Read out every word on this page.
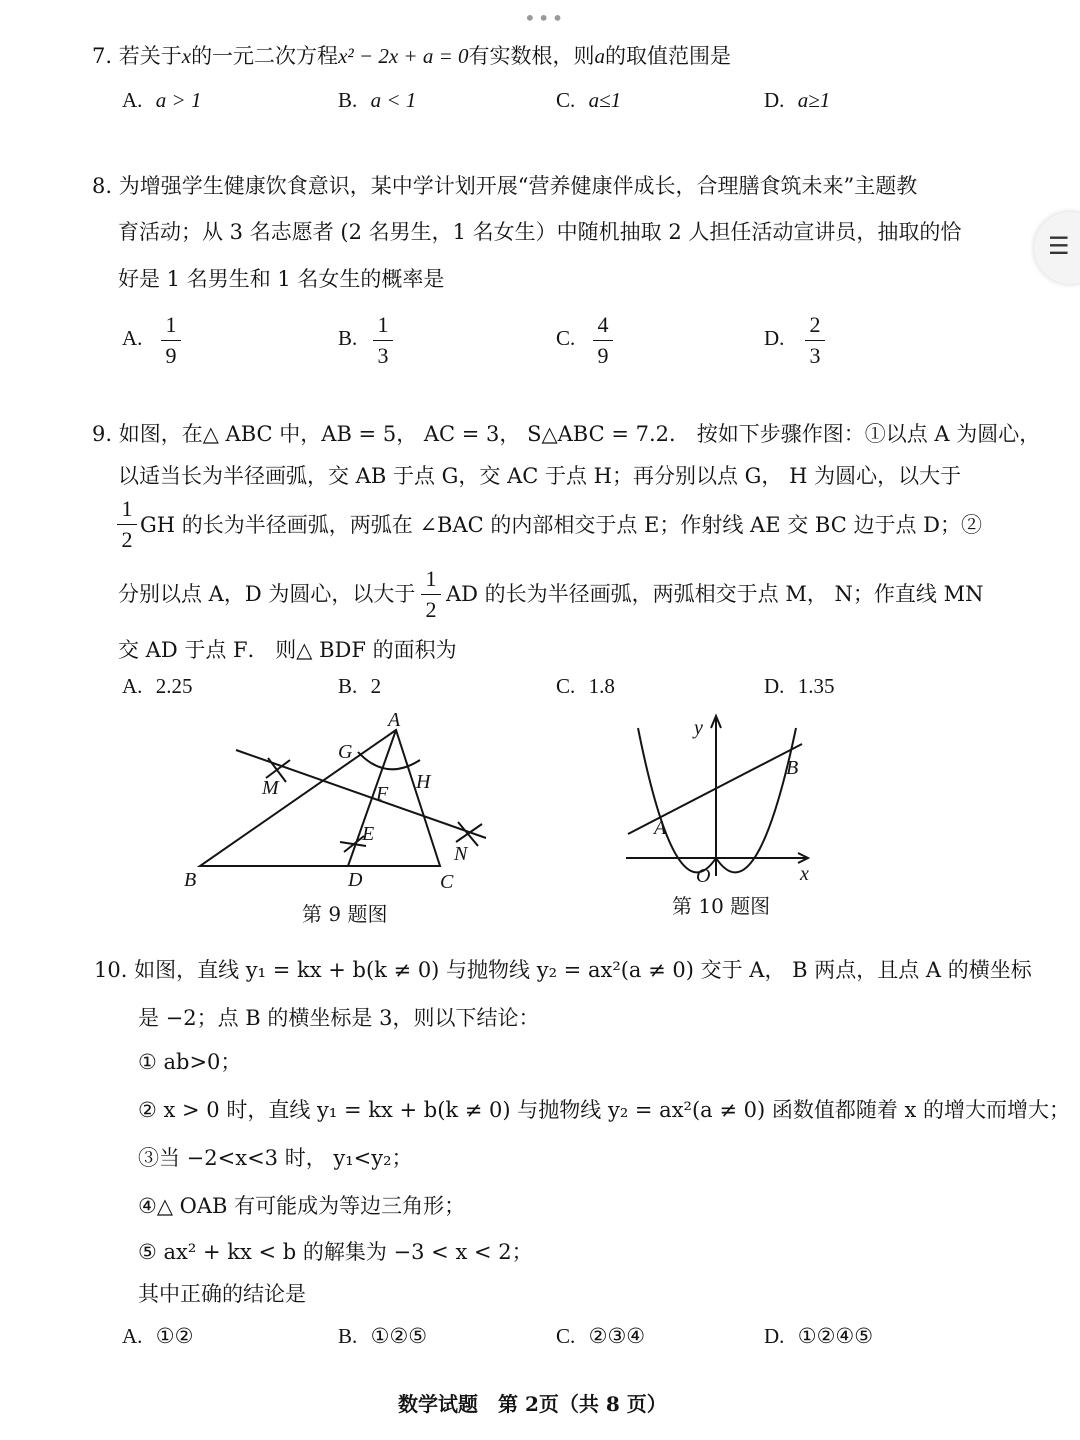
•••
☰
7. 若关于x的一元二次方程x² − 2x + a = 0有实数根，则a的取值范围是
A. a > 1	B. a < 1	C. a≤1	D. a≥1
8. 为增强学生健康饮食意识，某中学计划开展“营养健康伴成长，合理膳食筑未来”主题教
育活动；从 3 名志愿者 (2 名男生，1 名女生）中随机抽取 2 人担任活动宣讲员，抽取的恰
好是 1 名男生和 1 名女生的概率是
A.
1
9
B.
1
3
C.
4
9
D.
2
3
9. 如图，在△ ABC 中，AB = 5， AC = 3， S△ABC = 7.2． 按如下步骤作图：①以点 A 为圆心，
以适当长为半径画弧，交 AB 于点 G，交 AC 于点 H；再分别以点 G， H 为圆心，以大于
1
2
GH 的长为半径画弧，两弧在 ∠BAC 的内部相交于点 E；作射线 AE 交 BC 边于点 D；②
分别以点 A，D 为圆心，以大于
1
2
AD 的长为半径画弧，两弧相交于点 M， N；作直线 MN
交 AD 于点 F． 则△ BDF 的面积为
A. 2.25	B. 2	C. 1.8	D. 1.35
A
B	C
D
E
F
G
H
M
N
第 9 题图
y
x
O
A
B
第 10 题图
10. 如图，直线 y₁ = kx + b(k ≠ 0) 与抛物线 y₂ = ax²(a ≠ 0) 交于 A， B 两点，且点 A 的横坐标
是 −2；点 B 的横坐标是 3，则以下结论：
① ab>0；
② x > 0 时，直线 y₁ = kx + b(k ≠ 0) 与抛物线 y₂ = ax²(a ≠ 0) 函数值都随着 x 的增大而增大；
③当 −2<x<3 时， y₁<y₂；
④△ OAB 有可能成为等边三角形；
⑤ ax² + kx < b 的解集为 −3 < x < 2；
其中正确的结论是
A. ①②	B. ①②⑤	C. ②③④	D. ①②④⑤
数学试题　第 2页（共 8 页）
